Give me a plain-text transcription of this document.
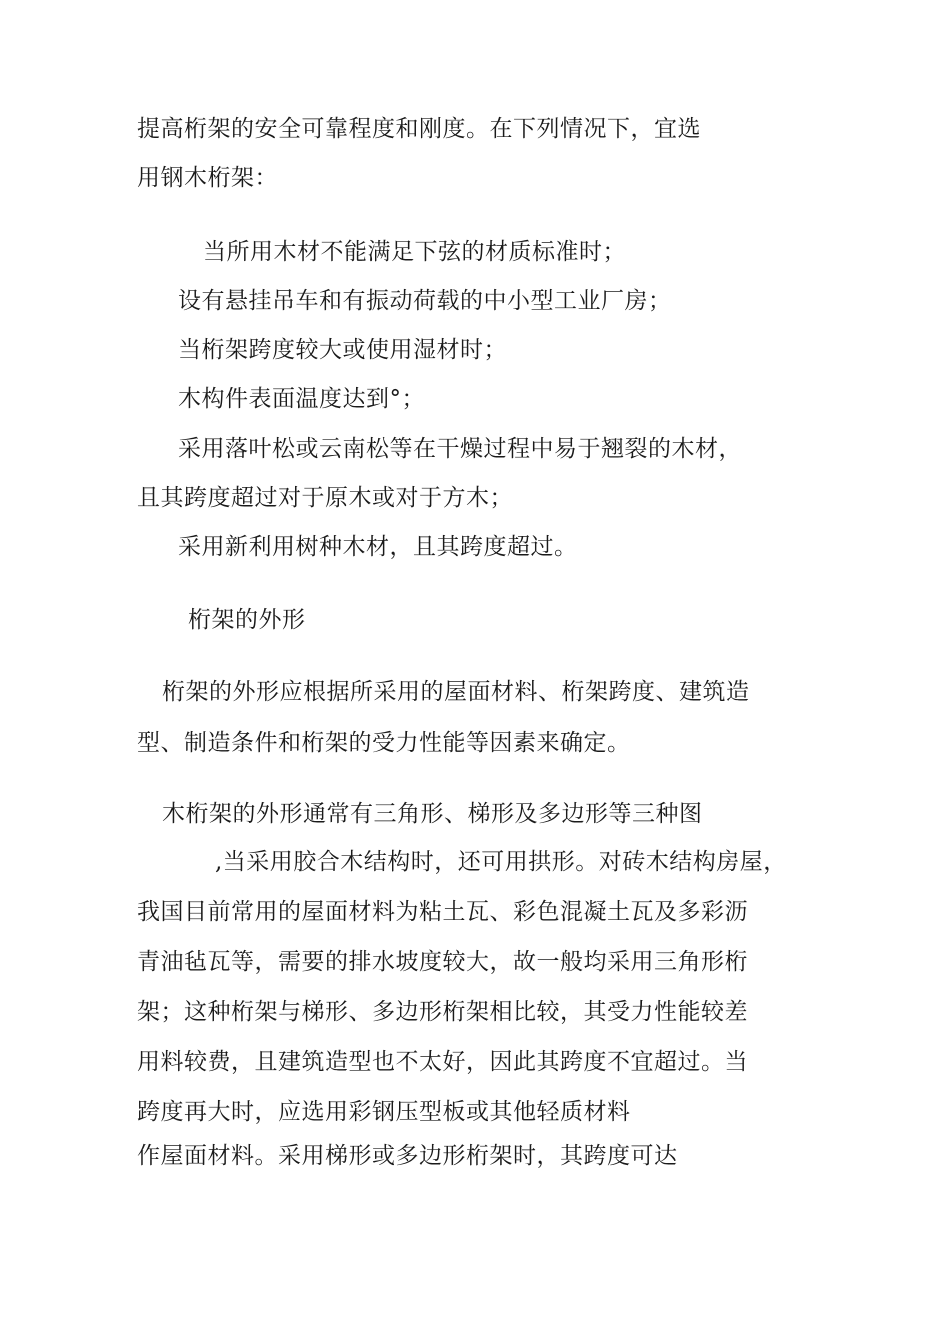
提高桁架的安全可靠程度和刚度。在下列情况下，宜选
用钢木桁架：
当所用木材不能满足下弦的材质标准时；
设有悬挂吊车和有振动荷载的中小型工业厂房；
当桁架跨度较大或使用湿材时；
木构件表面温度达到°；
采用落叶松或云南松等在干燥过程中易于翘裂的木材，
且其跨度超过对于原木或对于方木；
采用新利用树种木材，且其跨度超过。
桁架的外形
桁架的外形应根据所采用的屋面材料、桁架跨度、建筑造
型、制造条件和桁架的受力性能等因素来确定。
木桁架的外形通常有三角形、梯形及多边形等三种图
,当采用胶合木结构时，还可用拱形。对砖木结构房屋，
我国目前常用的屋面材料为粘土瓦、彩色混凝土瓦及多彩沥
青油毡瓦等，需要的排水坡度较大，故一般均采用三角形桁
架；这种桁架与梯形、多边形桁架相比较，其受力性能较差
用料较费，且建筑造型也不太好，因此其跨度不宜超过。当
跨度再大时，应选用彩钢压型板或其他轻质材料
作屋面材料。采用梯形或多边形桁架时，其跨度可达
